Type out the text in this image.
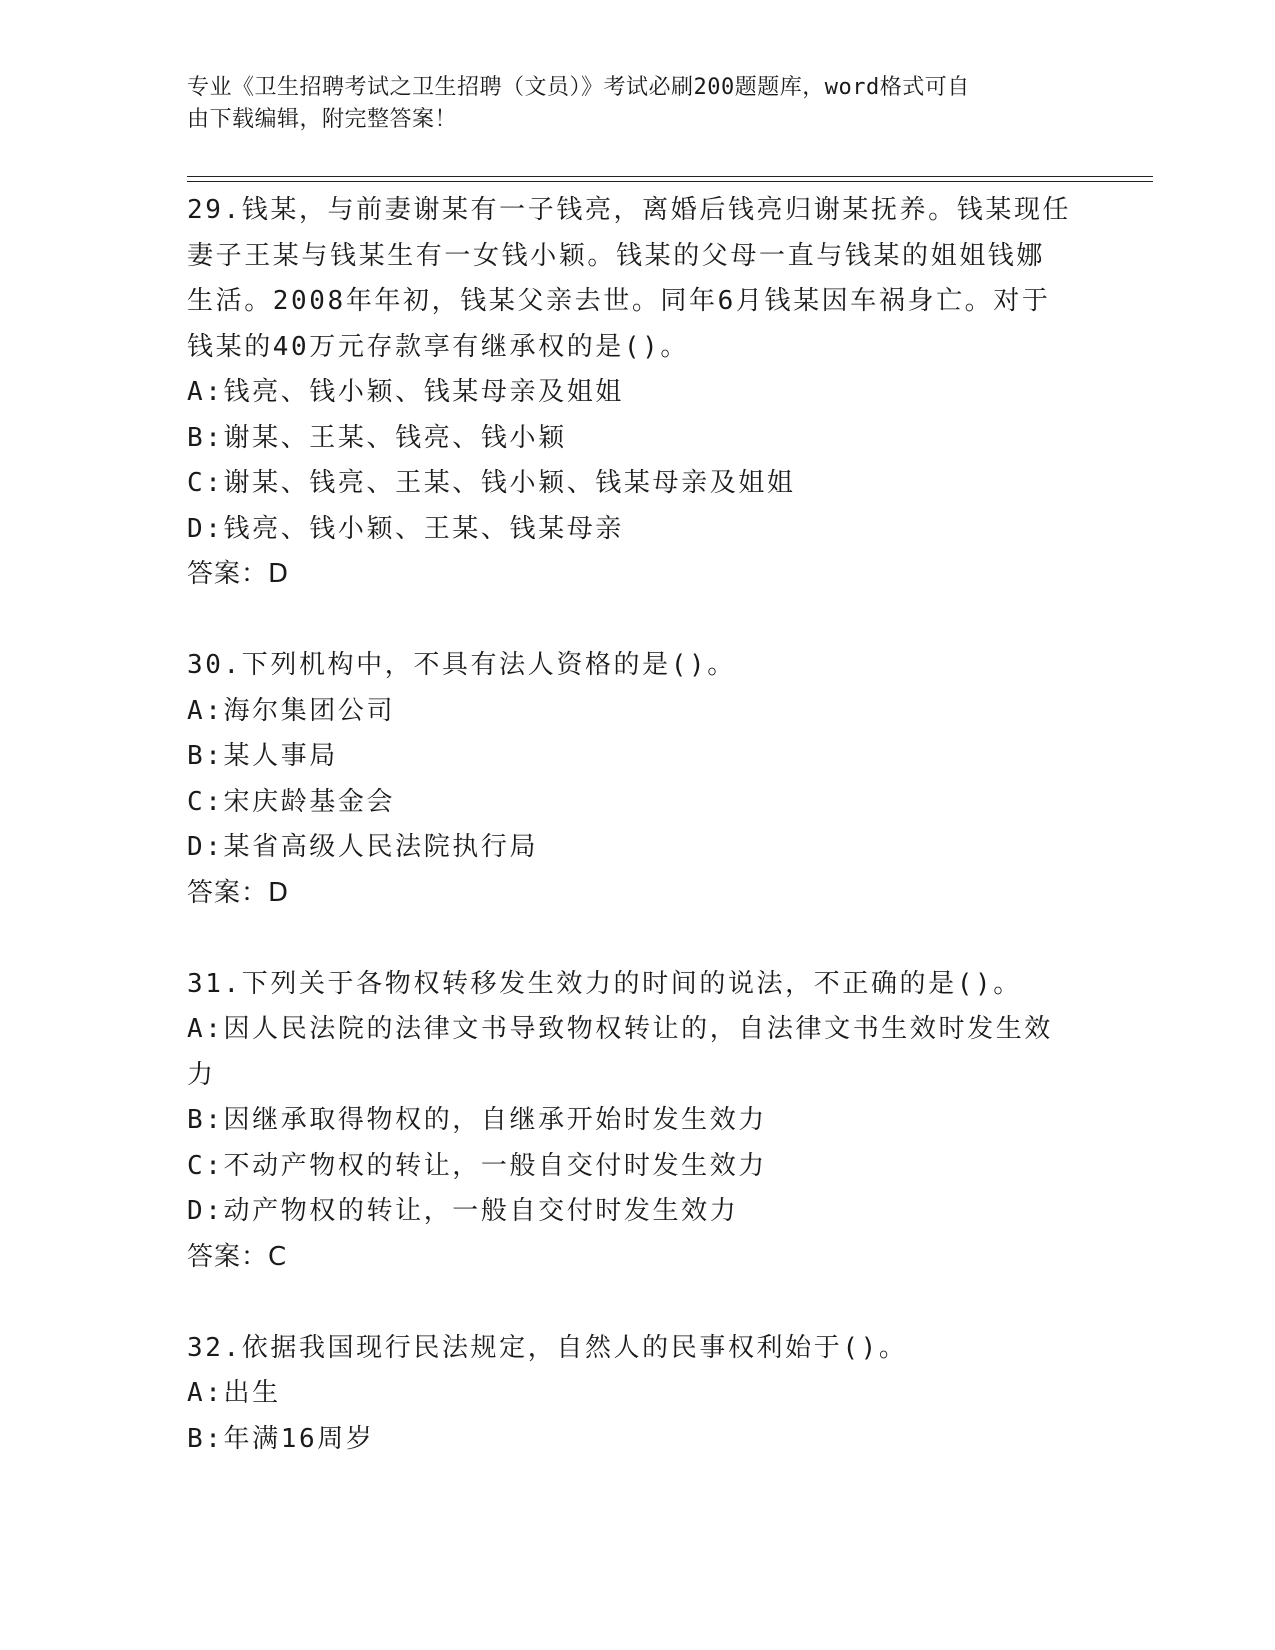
专业《卫生招聘考试之卫生招聘（文员）》考试必刷200题题库，word格式可自
由下载编辑，附完整答案！
29.钱某，与前妻谢某有一子钱亮，离婚后钱亮归谢某抚养。钱某现任
妻子王某与钱某生有一女钱小颖。钱某的父母一直与钱某的姐姐钱娜
生活。2008年年初，钱某父亲去世。同年6月钱某因车祸身亡。对于
钱某的40万元存款享有继承权的是()。
A:钱亮、钱小颖、钱某母亲及姐姐
B:谢某、王某、钱亮、钱小颖
C:谢某、钱亮、王某、钱小颖、钱某母亲及姐姐
D:钱亮、钱小颖、王某、钱某母亲
答案：D
30.下列机构中，不具有法人资格的是()。
A:海尔集团公司
B:某人事局
C:宋庆龄基金会
D:某省高级人民法院执行局
答案：D
31.下列关于各物权转移发生效力的时间的说法，不正确的是()。
A:因人民法院的法律文书导致物权转让的，自法律文书生效时发生效
力
B:因继承取得物权的，自继承开始时发生效力
C:不动产物权的转让，一般自交付时发生效力
D:动产物权的转让，一般自交付时发生效力
答案：C
32.依据我国现行民法规定，自然人的民事权利始于()。
A:出生
B:年满16周岁
